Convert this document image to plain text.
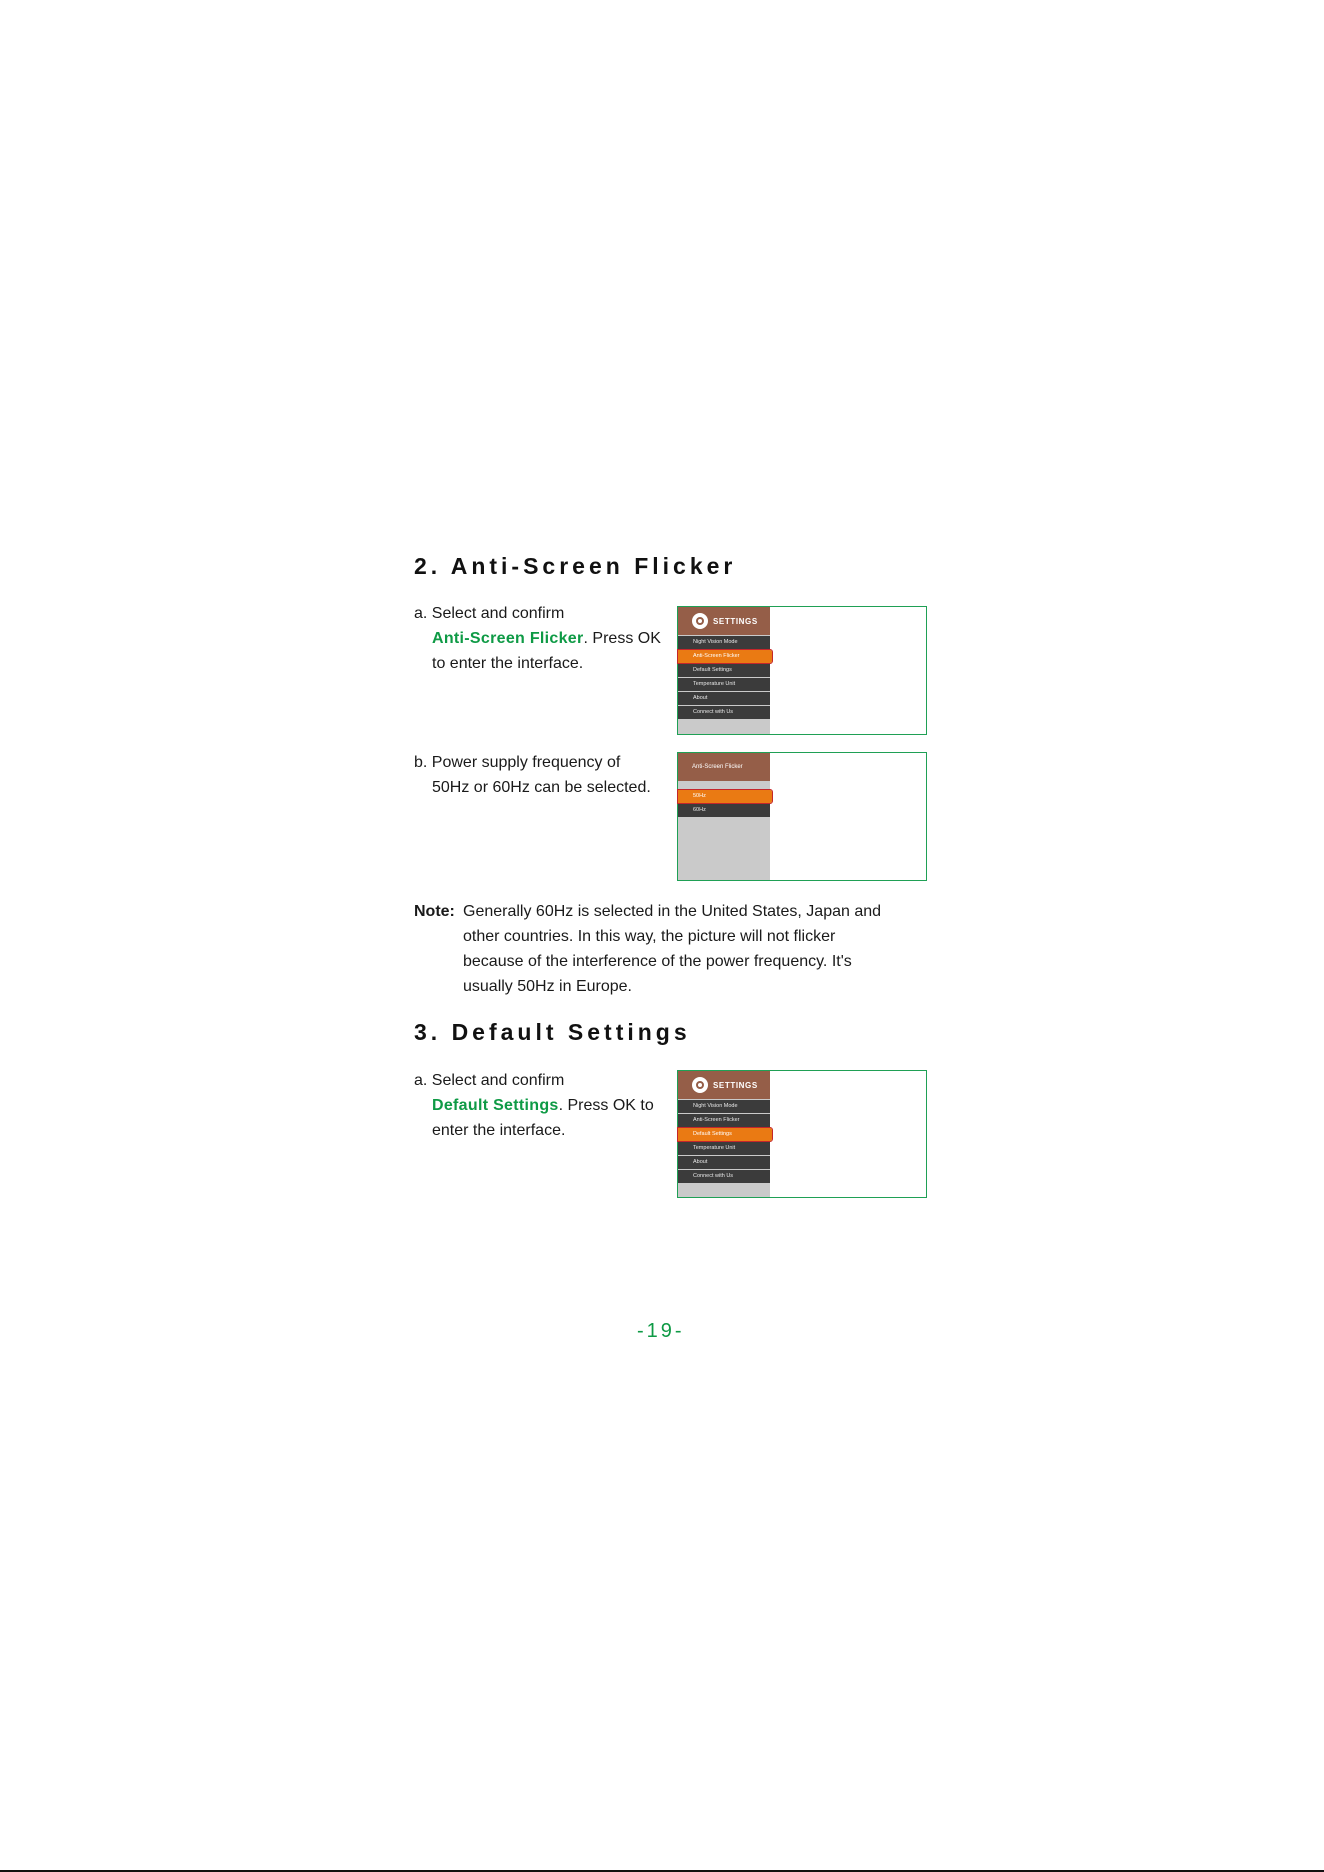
2. Anti-Screen Flicker
a. Select and confirm
Anti-Screen Flicker. Press OK
to enter the interface.
SETTINGS
Night Vision Mode
Anti-Screen Flicker
Default Settings
Temperature Unit
About
Connect with Us
b. Power supply frequency of
50Hz or 60Hz can be selected.
Anti-Screen Flicker
50Hz
60Hz
Note: Generally 60Hz is selected in the United States, Japan and
other countries. In this way, the picture will not flicker
because of the interference of the power frequency. It's
usually 50Hz in Europe.
3. Default Settings
a. Select and confirm
Default Settings. Press OK to
enter the interface.
SETTINGS
Night Vision Mode
Anti-Screen Flicker
Default Settings
Temperature Unit
About
Connect with Us
-19-
